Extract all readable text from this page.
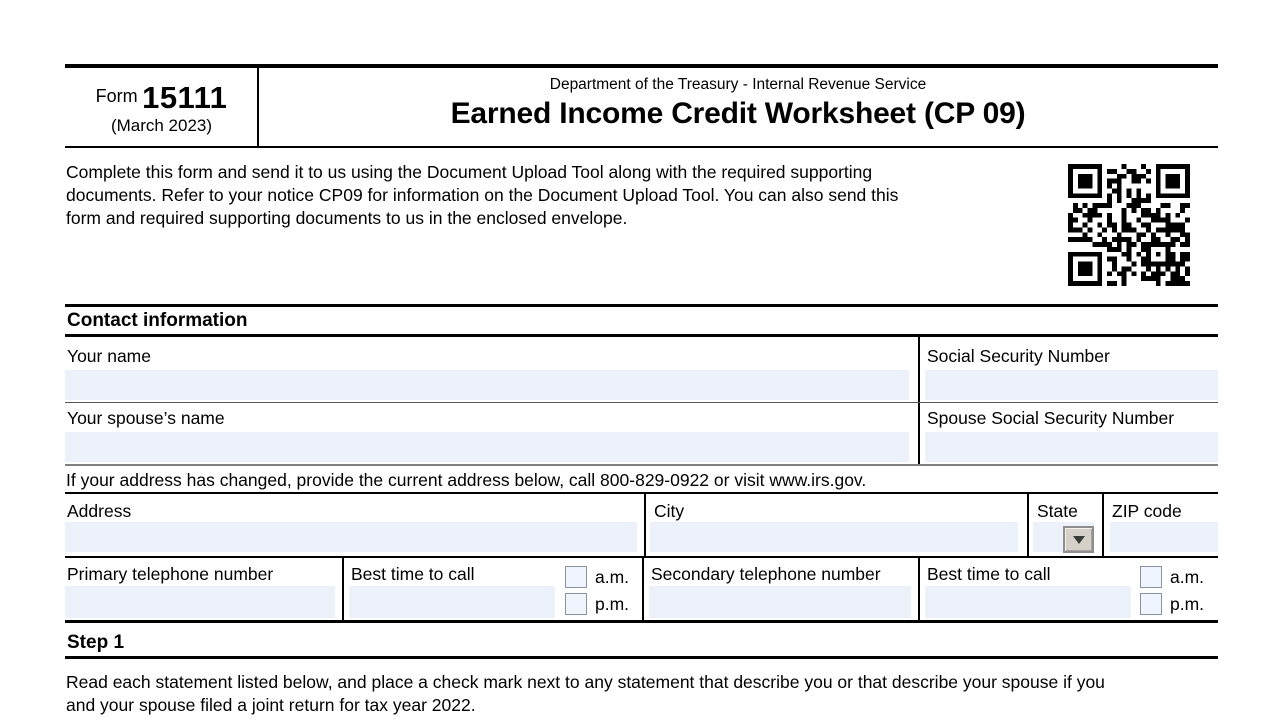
Form 15111
(March 2023)
Department of the Treasury - Internal Revenue Service
Earned Income Credit Worksheet (CP 09)
Complete this form and send it to us using the Document Upload Tool along with the required supporting
documents. Refer to your notice CP09 for information on the Document Upload Tool. You can also send this
form and required supporting documents to us in the enclosed envelope.
Contact information
Your name	Social Security Number
Your spouse’s name	Spouse Social Security Number
If your address has changed, provide the current address below, call 800-829-0922 or visit www.irs.gov.
Address	City	State ZIP code
Primary telephone number	Best time to call	a.m.
p.m.
Secondary telephone number	Best time to call	a.m.
p.m.
Step 1
Read each statement listed below, and place a check mark next to any statement that describe you or that describe your spouse if you
and your spouse filed a joint return for tax year 2022.
